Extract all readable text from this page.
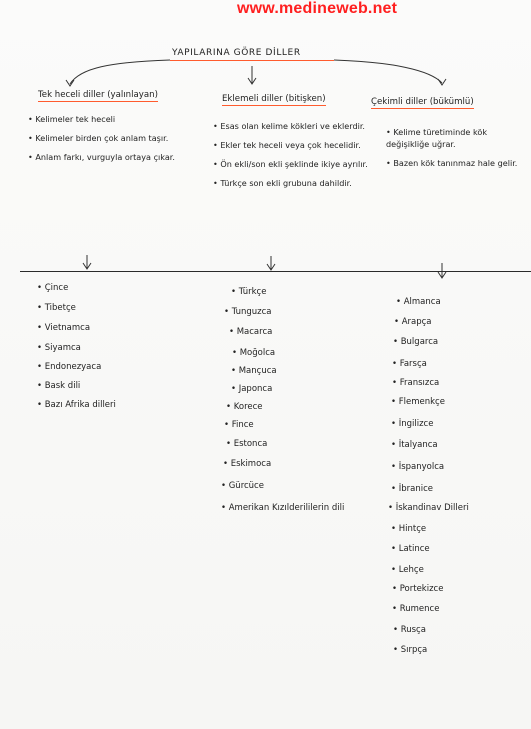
www.medineweb.net
YAPILARINA GÖRE DİLLER
Tek heceli diller (yalınlayan)	Eklemeli diller (bitişken)	Çekimli diller (bükümlü)
• Kelimeler tek heceli
• Kelimeler birden çok anlam taşır.
• Anlam farkı, vurguyla ortaya çıkar.
• Esas olan kelime kökleri ve eklerdir.
• Ekler tek heceli veya çok hecelidir.
• Ön ekli/son ekli şeklinde ikiye ayrılır.
• Türkçe son ekli grubuna dahildir.
• Kelime türetiminde kök değişikliğe uğrar.
• Bazen kök tanınmaz hale gelir.
• Çince
• Tibetçe
• Vietnamca
• Siyamca
• Endonezyaca
• Bask dili
• Bazı Afrika dilleri
• Türkçe
• Tunguzca
• Macarca
• Moğolca
• Mançuca
• Japonca
• Korece
• Fince
• Estonca
• Eskimoca
• Gürcüce
• Amerikan Kızılderililerin dili
• Almanca
• Arapça
• Bulgarca
• Farsça
• Fransızca
• Flemenkçe
• İngilizce
• İtalyanca
• İspanyolca
• İbranice
• İskandinav Dilleri
• Hintçe
• Latince
• Lehçe
• Portekizce
• Rumence
• Rusça
• Sırpça
